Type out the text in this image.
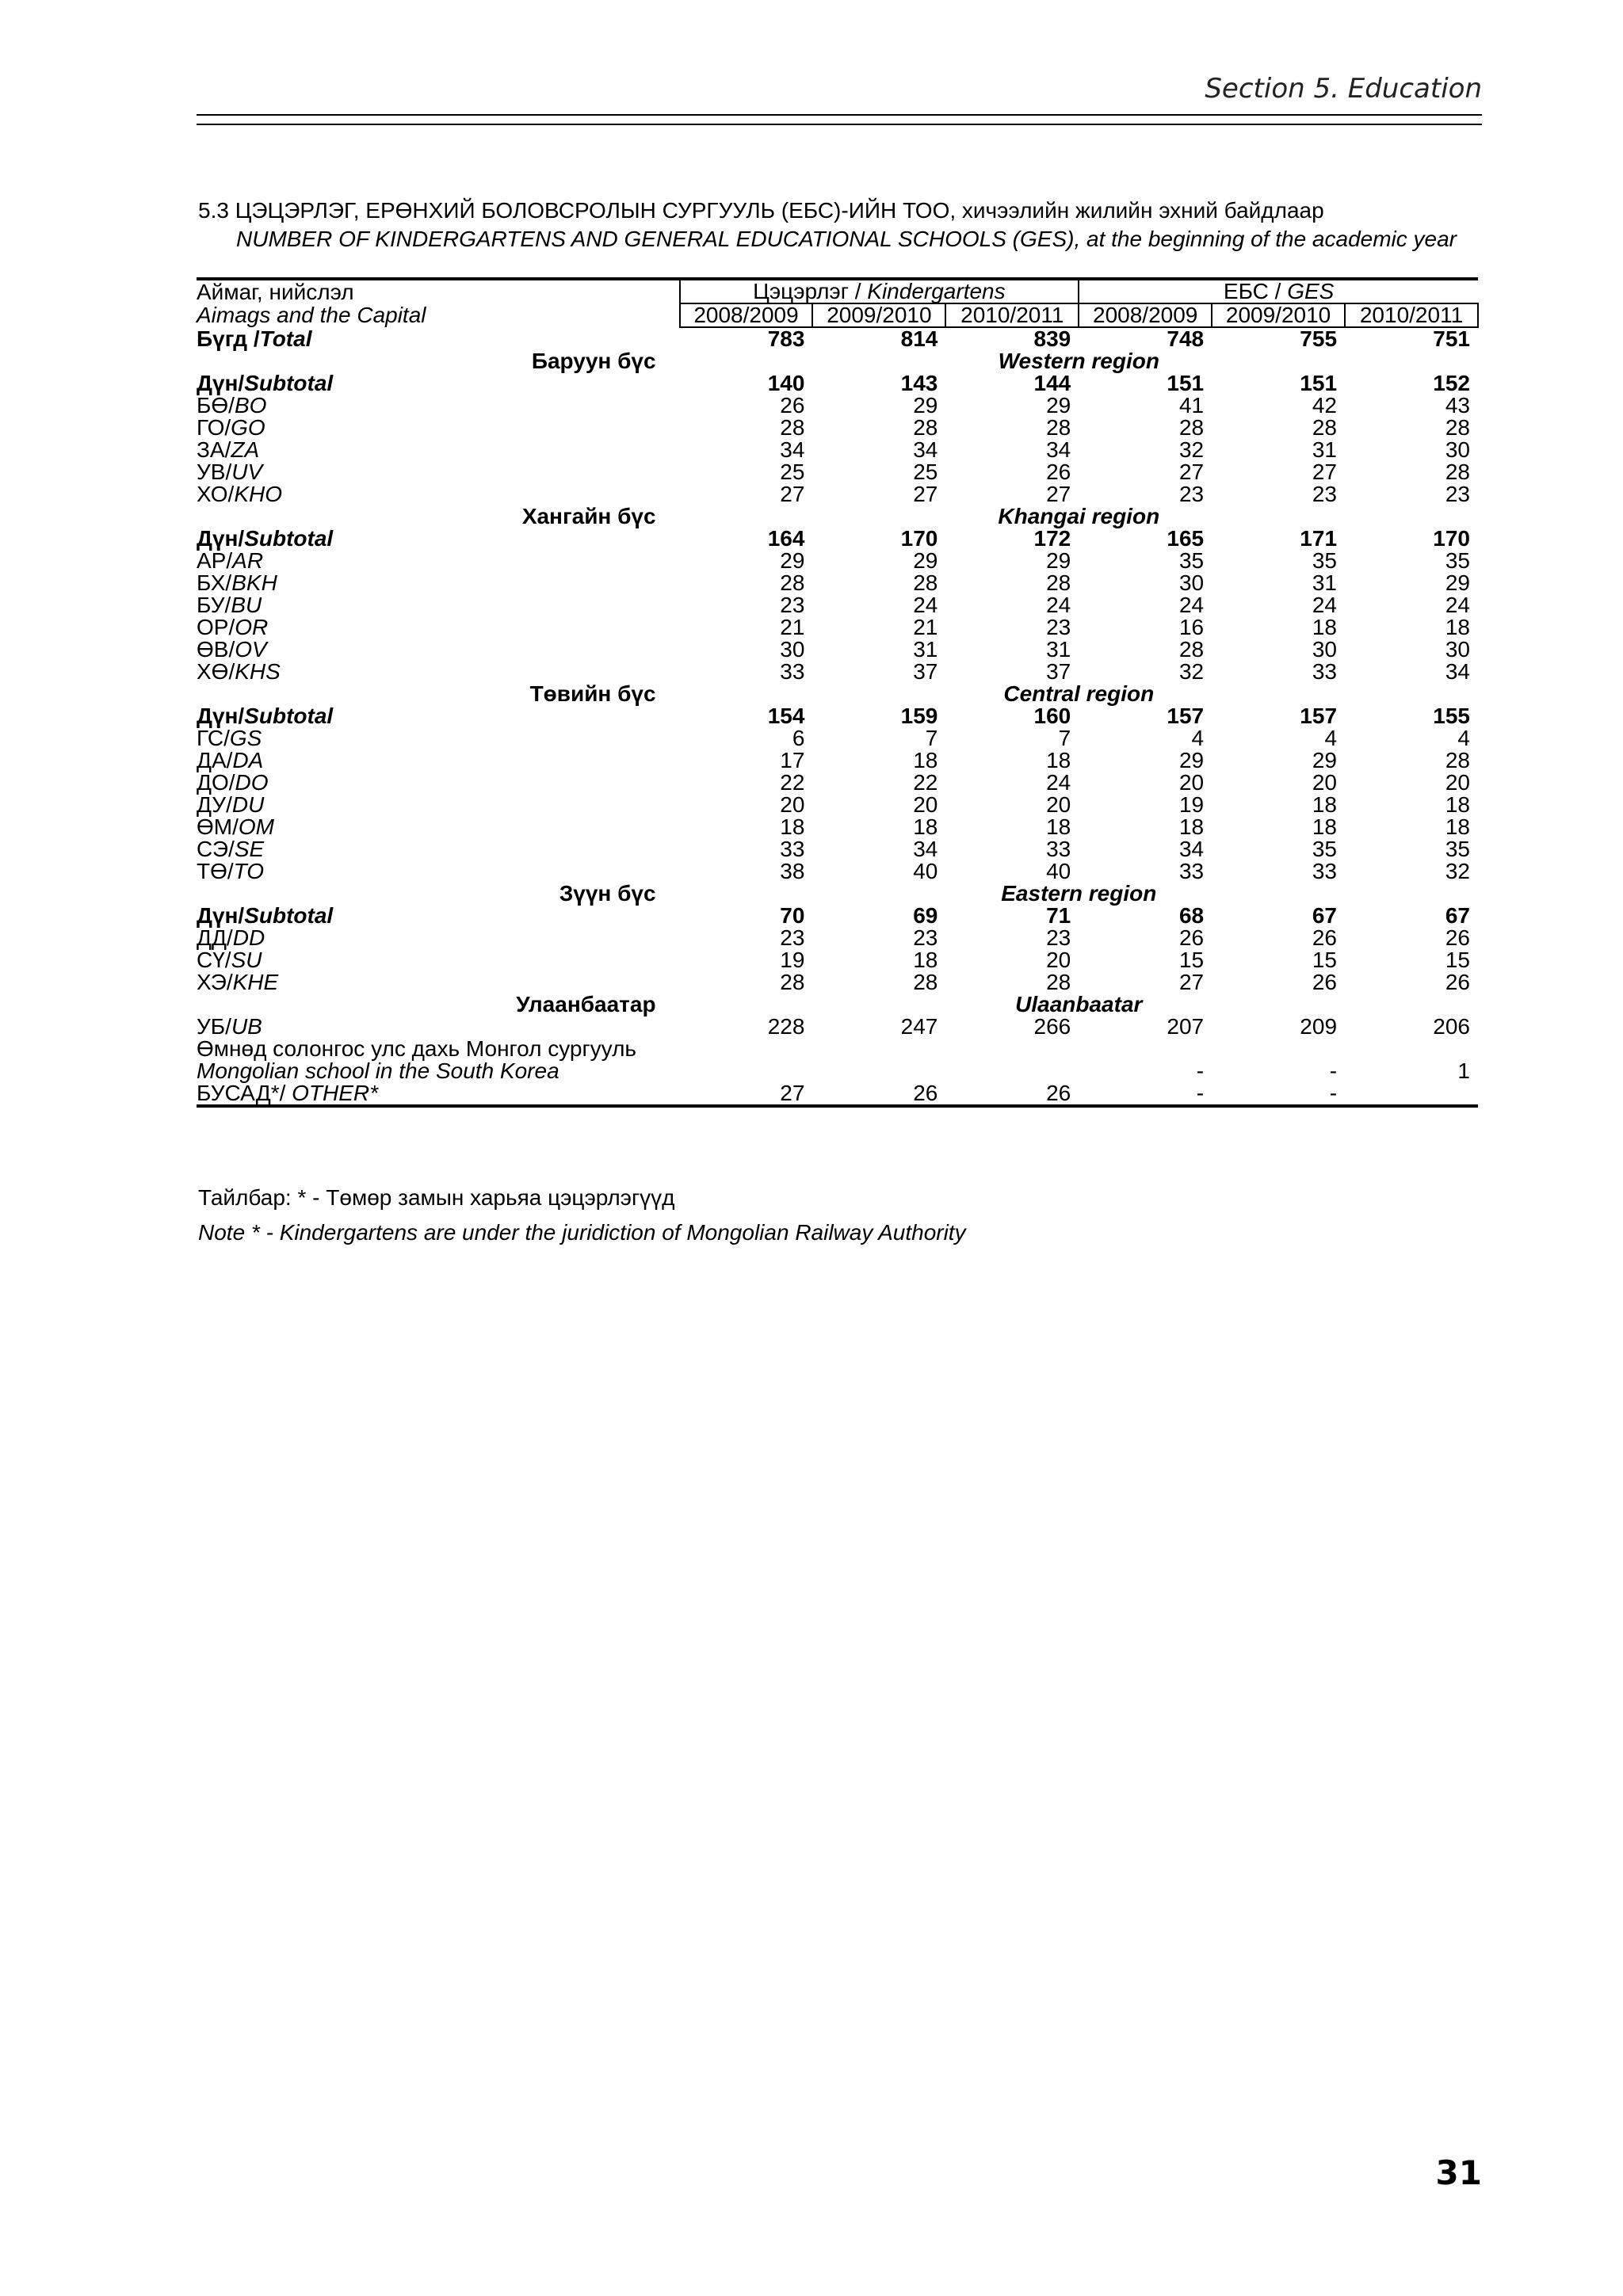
Section 5. Education
5.3 ЦЭЦЭРЛЭГ, ЕРӨНХИЙ БОЛОВСРОЛЫН СУРГУУЛЬ (ЕБС)-ИЙН ТОО, хичээлийн жилийн эхний байдлаар
NUMBER OF KINDERGARTENS AND GENERAL EDUCATIONAL SCHOOLS (GES), at the beginning of the academic year
Аймаг, нийслэл	Цэцэрлэг / Kindergartens			ЕБС / GES		
Aimags and the Capital	2008/2009	2009/2010	2010/2011	2008/2009	2009/2010	2010/2011
Бүгд /Total	783	814	839	748	755	751
Баруун бүс	Western region					
Дүн/Subtotal	140	143	144	151	151	152
БӨ/BO	26	29	29	41	42	43
ГО/GO	28	28	28	28	28	28
ЗА/ZA	34	34	34	32	31	30
УВ/UV	25	25	26	27	27	28
ХО/KHO	27	27	27	23	23	23
Хангайн бүс	Khangai region					
Дүн/Subtotal	164	170	172	165	171	170
АР/AR	29	29	29	35	35	35
БХ/BKH	28	28	28	30	31	29
БУ/BU	23	24	24	24	24	24
ОР/OR	21	21	23	16	18	18
ӨВ/OV	30	31	31	28	30	30
ХӨ/KHS	33	37	37	32	33	34
Төвийн бүс	Central region					
Дүн/Subtotal	154	159	160	157	157	155
ГС/GS	6	7	7	4	4	4
ДА/DA	17	18	18	29	29	28
ДО/DO	22	22	24	20	20	20
ДУ/DU	20	20	20	19	18	18
ӨМ/OM	18	18	18	18	18	18
СЭ/SE	33	34	33	34	35	35
ТӨ/TO	38	40	40	33	33	32
Зүүн бүс	Eastern region					
Дүн/Subtotal	70	69	71	68	67	67
ДД/DD	23	23	23	26	26	26
СҮ/SU	19	18	20	15	15	15
ХЭ/KHE	28	28	28	27	26	26
Улаанбаатар	Ulaanbaatar					
УБ/UB	228	247	266	207	209	206
Өмнөд солонгос улс дахь Монгол сургууль						
Mongolian school in the South Korea				-	-	1
БУСАД*/ OTHER*	27	26	26	-	-	
Тайлбар: * - Төмөр замын харьяа цэцэрлэгүүд
Note * - Kindergartens are under the juridiction of Mongolian Railway Authority
31
